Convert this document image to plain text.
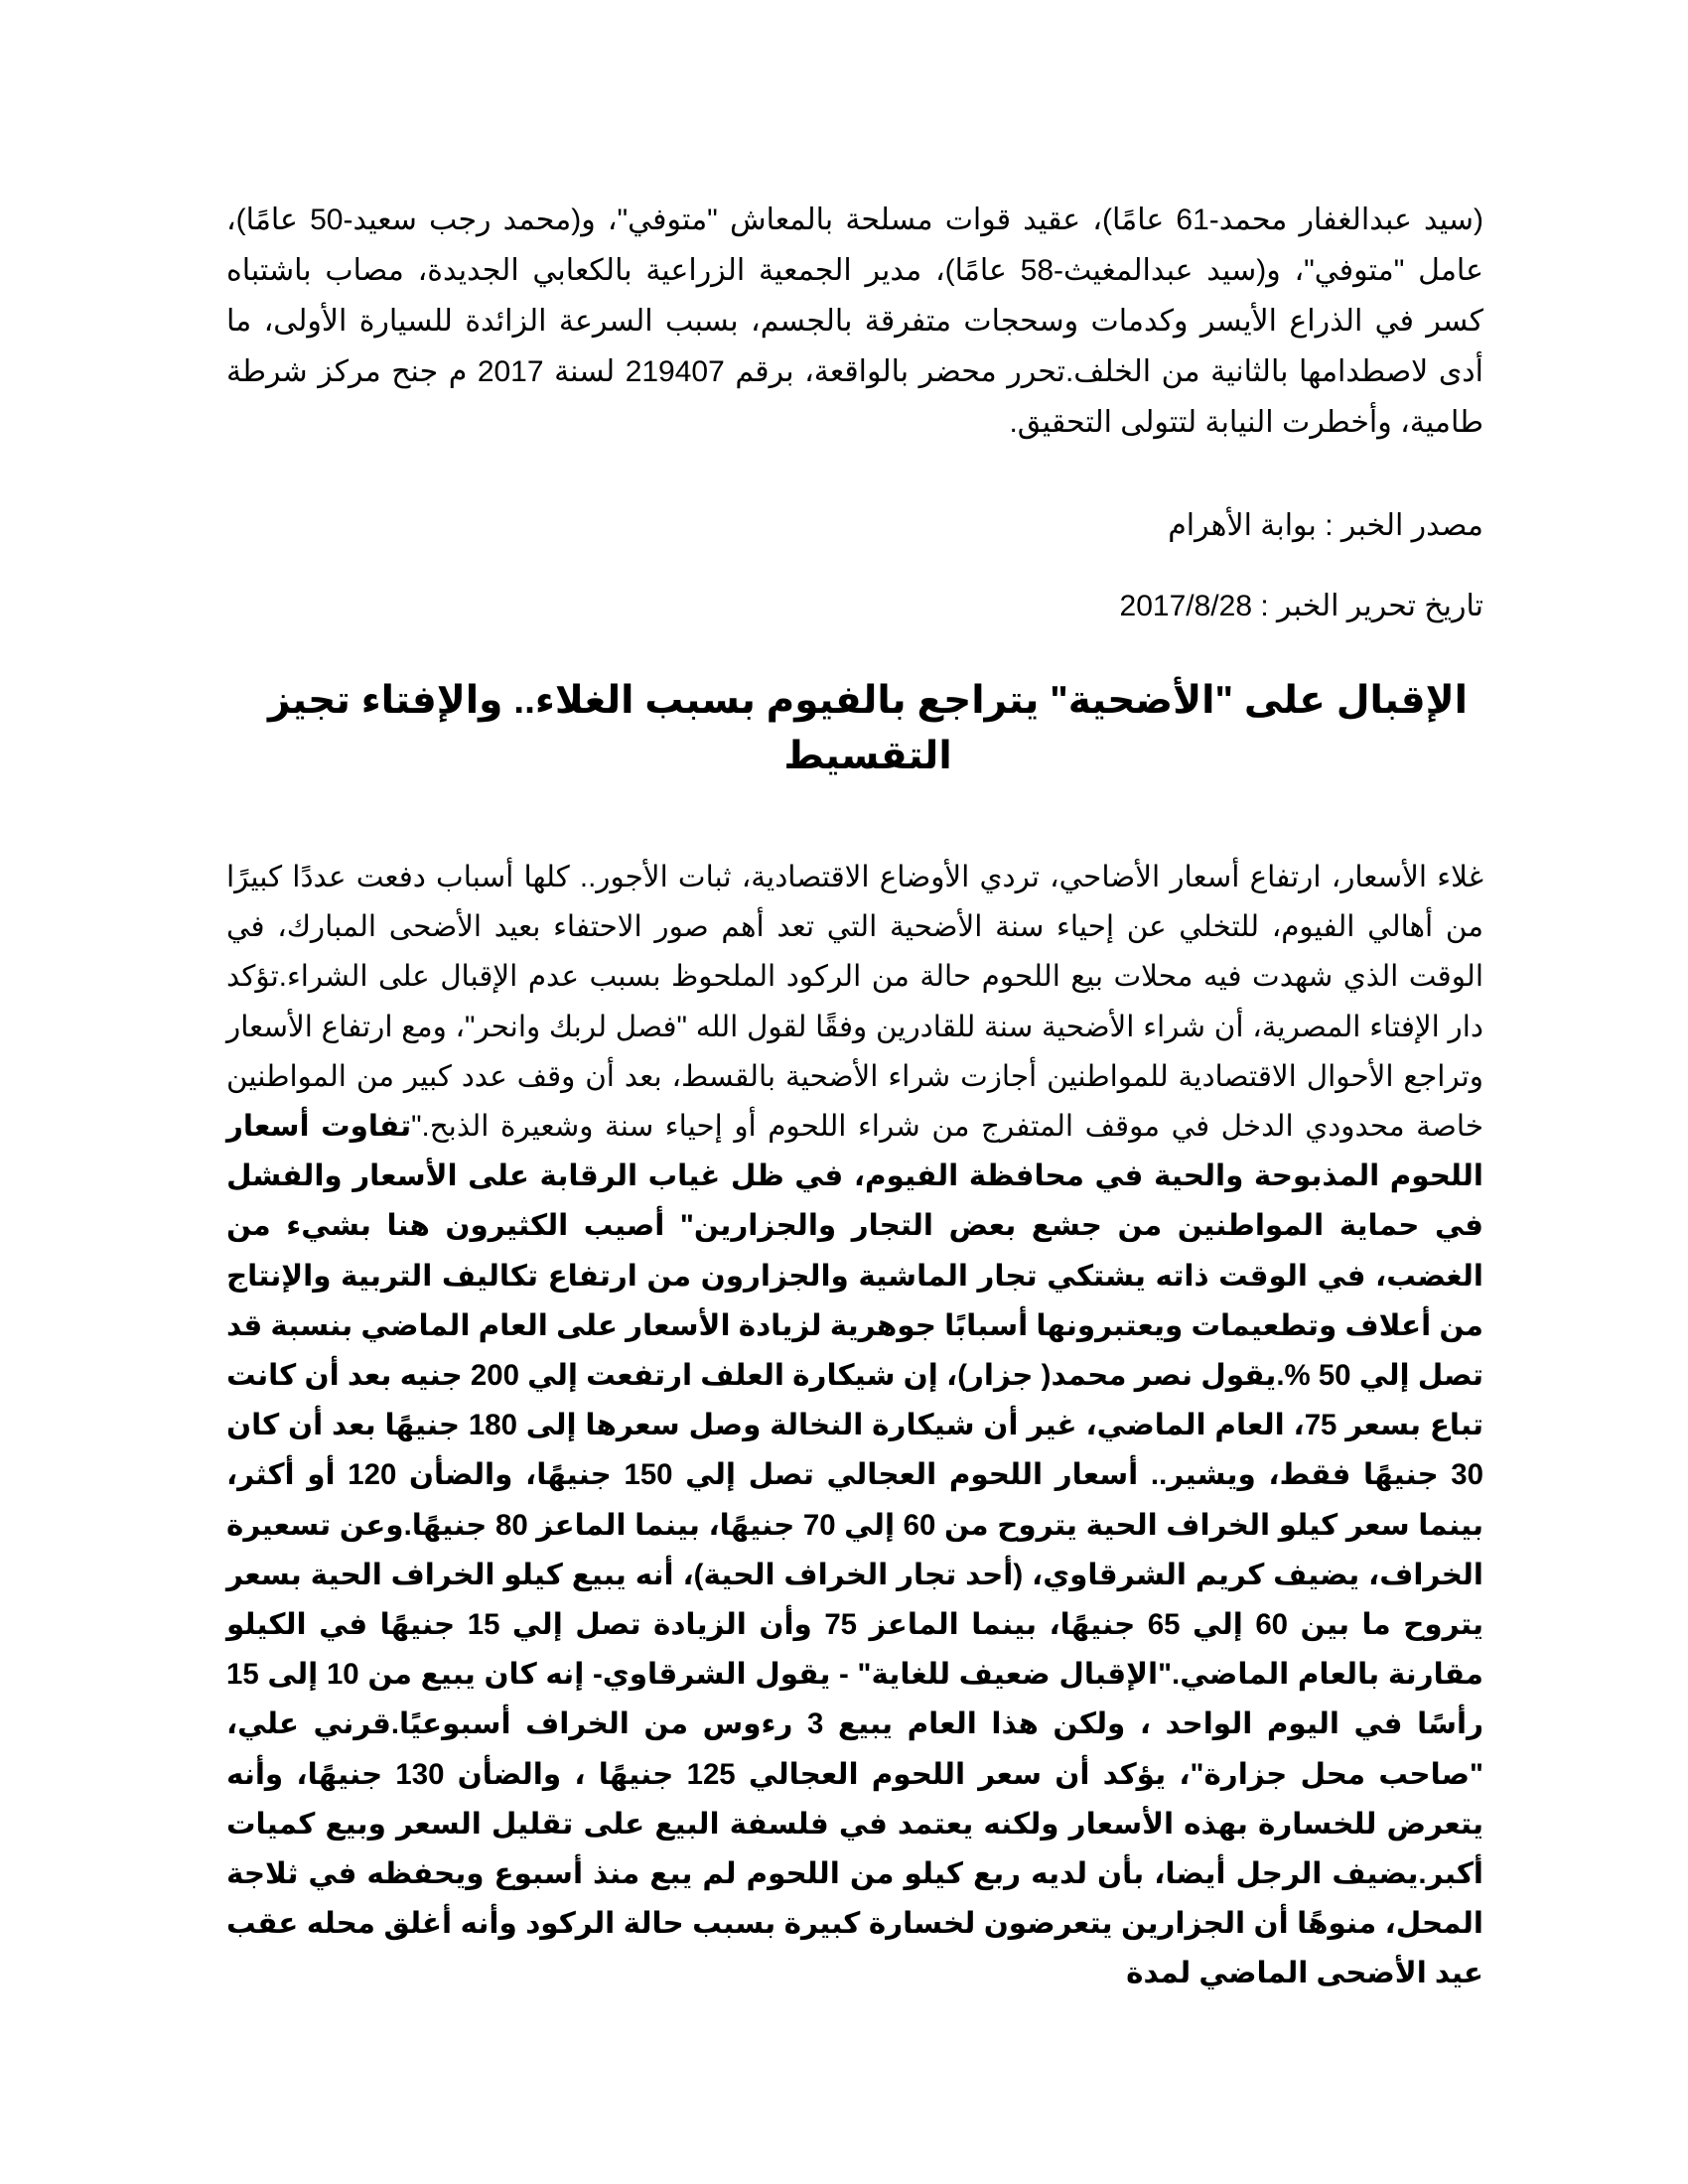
(سيد عبدالغفار محمد-61 عامًا)، عقيد قوات مسلحة بالمعاش "متوفي"، و(محمد رجب سعيد-50 عامًا)، عامل "متوفي"، و(سيد عبدالمغيث-58 عامًا)، مدير الجمعية الزراعية بالكعابي الجديدة، مصاب باشتباه كسر في الذراع الأيسر وكدمات وسحجات متفرقة بالجسم، بسبب السرعة الزائدة للسيارة الأولى، ما أدى لاصطدامها بالثانية من الخلف.تحرر محضر بالواقعة، برقم 219407 لسنة 2017 م جنح مركز شرطة طامية، وأخطرت النيابة لتتولى التحقيق.

مصدر الخبر : بوابة الأهرام

تاريخ تحرير الخبر : 2017/8/28

الإقبال على "الأضحية" يتراجع بالفيوم بسبب الغلاء.. والإفتاء تجيز التقسيط

غلاء الأسعار، ارتفاع أسعار الأضاحي، تردي الأوضاع الاقتصادية، ثبات الأجور.. كلها أسباب دفعت عددًا كبيرًا من أهالي الفيوم، للتخلي عن إحياء سنة الأضحية التي تعد أهم صور الاحتفاء بعيد الأضحى المبارك، في الوقت الذي شهدت فيه محلات بيع اللحوم حالة من الركود الملحوظ بسبب عدم الإقبال على الشراء.تؤكد دار الإفتاء المصرية، أن شراء الأضحية سنة للقادرين وفقًا لقول الله "فصل لربك وانحر"، ومع ارتفاع الأسعار وتراجع الأحوال الاقتصادية للمواطنين أجازت شراء الأضحية بالقسط، بعد أن وقف عدد كبير من المواطنين خاصة محدودي الدخل في موقف المتفرج من شراء اللحوم أو إحياء سنة وشعيرة الذبح."تفاوت أسعار اللحوم المذبوحة والحية في محافظة الفيوم، في ظل غياب الرقابة على الأسعار والفشل في حماية المواطنين من جشع بعض التجار والجزارين" أصيب الكثيرون هنا بشيء من الغضب، في الوقت ذاته يشتكي تجار الماشية والجزارون من ارتفاع تكاليف التربية والإنتاج من أعلاف وتطعيمات ويعتبرونها أسبابًا جوهرية لزيادة الأسعار على العام الماضي بنسبة قد تصل إلي 50 %.يقول نصر محمد( جزار)، إن شيكارة العلف ارتفعت إلي 200 جنيه بعد أن كانت تباع بسعر 75، العام الماضي، غير أن شيكارة النخالة وصل سعرها إلى 180 جنيهًا بعد أن كان 30 جنيهًا فقط، ويشير.. أسعار اللحوم العجالي تصل إلي 150 جنيهًا، والضأن 120 أو أكثر، بينما سعر كيلو الخراف الحية يتروح من 60 إلي 70 جنيهًا، بينما الماعز 80 جنيهًا.وعن تسعيرة الخراف، يضيف كريم الشرقاوي، (أحد تجار الخراف الحية)، أنه يبيع كيلو الخراف الحية بسعر يتروح ما بين 60 إلي 65 جنيهًا، بينما الماعز 75 وأن الزيادة تصل إلي 15 جنيهًا في الكيلو مقارنة بالعام الماضي."الإقبال ضعيف للغاية" - يقول الشرقاوي- إنه كان يبيع من 10 إلى 15 رأسًا في اليوم الواحد ، ولكن هذا العام يبيع 3 رءوس من الخراف أسبوعيًا.قرني علي، "صاحب محل جزارة"، يؤكد أن سعر اللحوم العجالي 125 جنيهًا ، والضأن 130 جنيهًا، وأنه يتعرض للخسارة بهذه الأسعار ولكنه يعتمد في فلسفة البيع على تقليل السعر وبيع كميات أكبر.يضيف الرجل أيضا، بأن لديه ربع كيلو من اللحوم لم يبع منذ أسبوع ويحفظه في ثلاجة المحل، منوهًا أن الجزارين يتعرضون لخسارة كبيرة بسبب حالة الركود وأنه أغلق محله عقب عيد الأضحى الماضي لمدة
